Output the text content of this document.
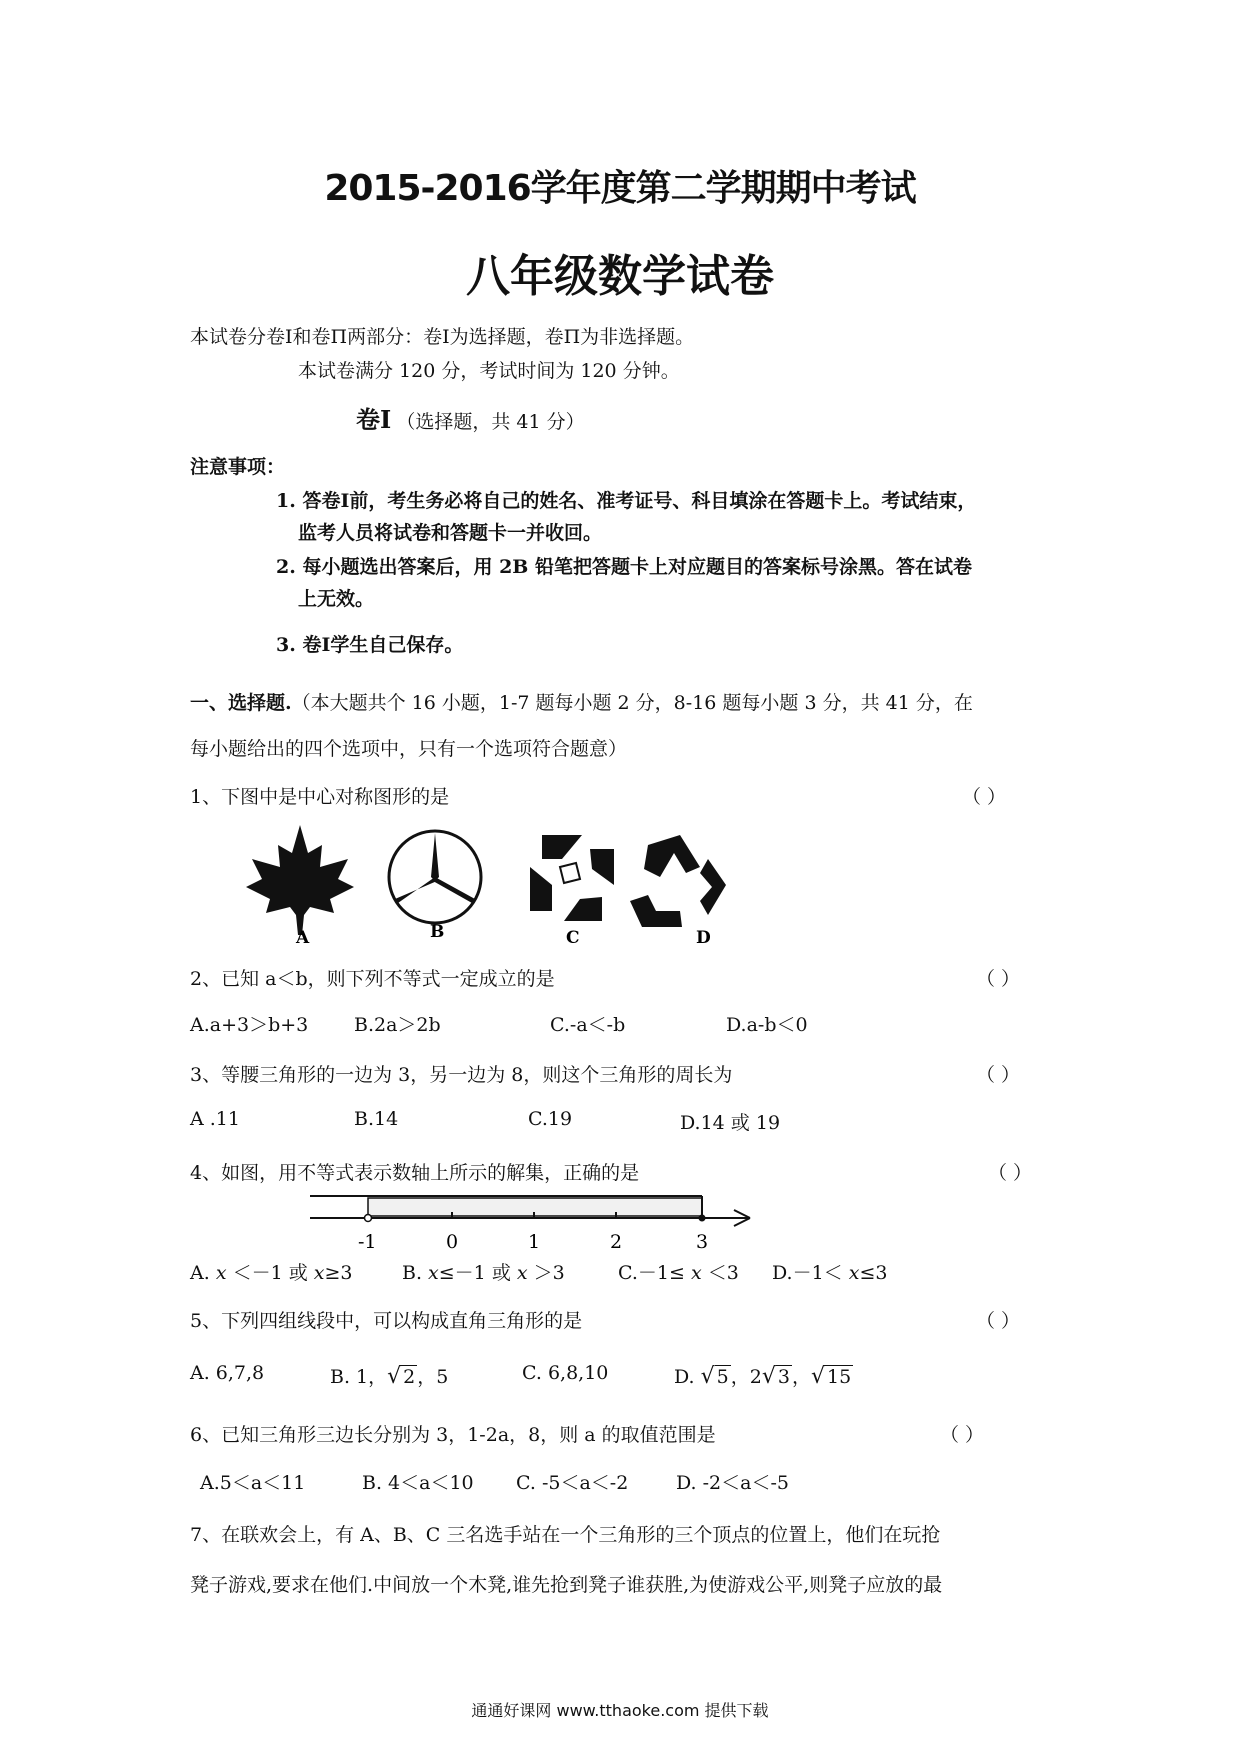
2015-2016学年度第二学期期中考试
八年级数学试卷
本试卷分卷Ⅰ和卷Π两部分：卷Ⅰ为选择题，卷Π为非选择题。
本试卷满分 120 分，考试时间为 120 分钟。
卷Ⅰ （选择题，共 41 分）
注意事项：
1. 答卷Ⅰ前，考生务必将自己的姓名、准考证号、科目填涂在答题卡上。考试结束，
监考人员将试卷和答题卡一并收回。
2. 每小题选出答案后，用 2B 铅笔把答题卡上对应题目的答案标号涂黑。答在试卷
上无效。
3. 卷Ⅰ学生自己保存。
一、选择题.（本大题共个 16 小题，1-7 题每小题 2 分，8-16 题每小题 3 分，共 41 分，在
每小题给出的四个选项中，只有一个选项符合题意）
1、下图中是中心对称图形的是	（ ）
A	B	C	D
2、已知 a＜b，则下列不等式一定成立的是	（ ）
A.a+3＞b+3 B.2a＞2b	C.-a＜-b	D.a-b＜0
3、等腰三角形的一边为 3，另一边为 8，则这个三角形的周长为	（ ）
A .11	B.14	C.19	D.14 或 19
4、如图，用不等式表示数轴上所示的解集，正确的是	（ ）
-1	0	1	2	3
A. x ＜－1 或 x≥3	B. x≤－1 或 x ＞3	C.－1≤ x ＜3 D.－1＜ x≤3
5、下列四组线段中，可以构成直角三角形的是	（ ）
A. 6,7,8	B. 1，√ 2 ，5	C. 6,8,10	D. √ 5 ，2√ 3 ，√ 15
6、已知三角形三边长分别为 3，1-2a，8，则 a 的取值范围是	（ ）
A.5＜a＜11	B. 4＜a＜10 C. -5＜a＜-2	D. -2＜a＜-5
7、在联欢会上，有 A、B、C 三名选手站在一个三角形的三个顶点的位置上，他们在玩抢
凳子游戏,要求在他们.中间放一个木凳,谁先抢到凳子谁获胜,为使游戏公平,则凳子应放的最
通通好课网 www.tthaoke.com 提供下载
